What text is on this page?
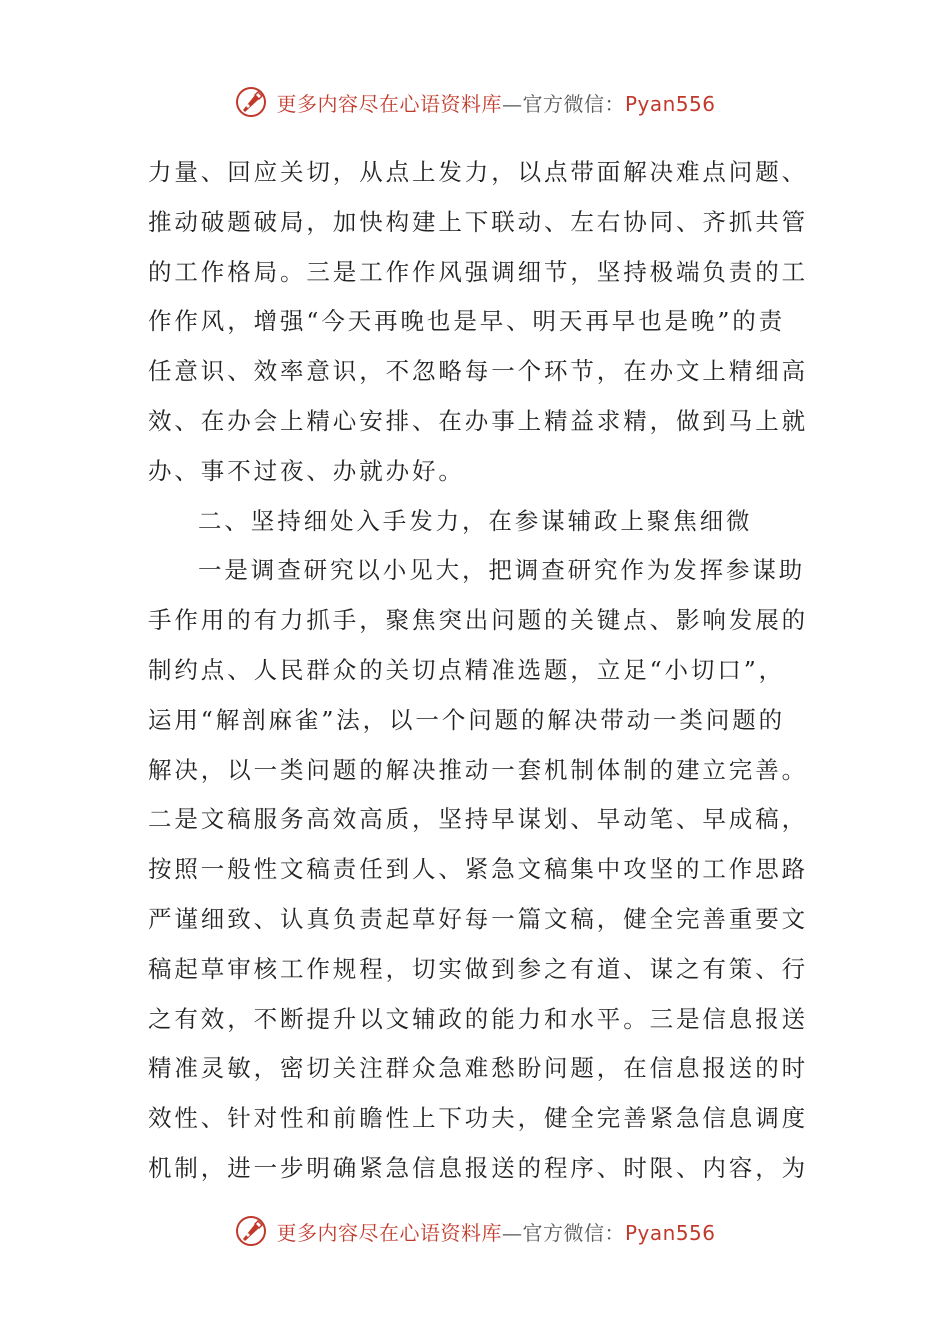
更多内容尽在心语资料库—官方微信：Pyan556
力量、回应关切，从点上发力，以点带面解决难点问题、
推动破题破局，加快构建上下联动、左右协同、齐抓共管
的工作格局。三是工作作风强调细节，坚持极端负责的工
作作风，增强“今天再晚也是早、明天再早也是晚”的责
任意识、效率意识，不忽略每一个环节，在办文上精细高
效、在办会上精心安排、在办事上精益求精，做到马上就
办、事不过夜、办就办好。
二、坚持细处入手发力，在参谋辅政上聚焦细微
一是调查研究以小见大，把调查研究作为发挥参谋助
手作用的有力抓手，聚焦突出问题的关键点、影响发展的
制约点、人民群众的关切点精准选题，立足“小切口”，
运用“解剖麻雀”法，以一个问题的解决带动一类问题的
解决，以一类问题的解决推动一套机制体制的建立完善。
二是文稿服务高效高质，坚持早谋划、早动笔、早成稿，
按照一般性文稿责任到人、紧急文稿集中攻坚的工作思路
严谨细致、认真负责起草好每一篇文稿，健全完善重要文
稿起草审核工作规程，切实做到参之有道、谋之有策、行
之有效，不断提升以文辅政的能力和水平。三是信息报送
精准灵敏，密切关注群众急难愁盼问题，在信息报送的时
效性、针对性和前瞻性上下功夫，健全完善紧急信息调度
机制，进一步明确紧急信息报送的程序、时限、内容，为
更多内容尽在心语资料库—官方微信：Pyan556
